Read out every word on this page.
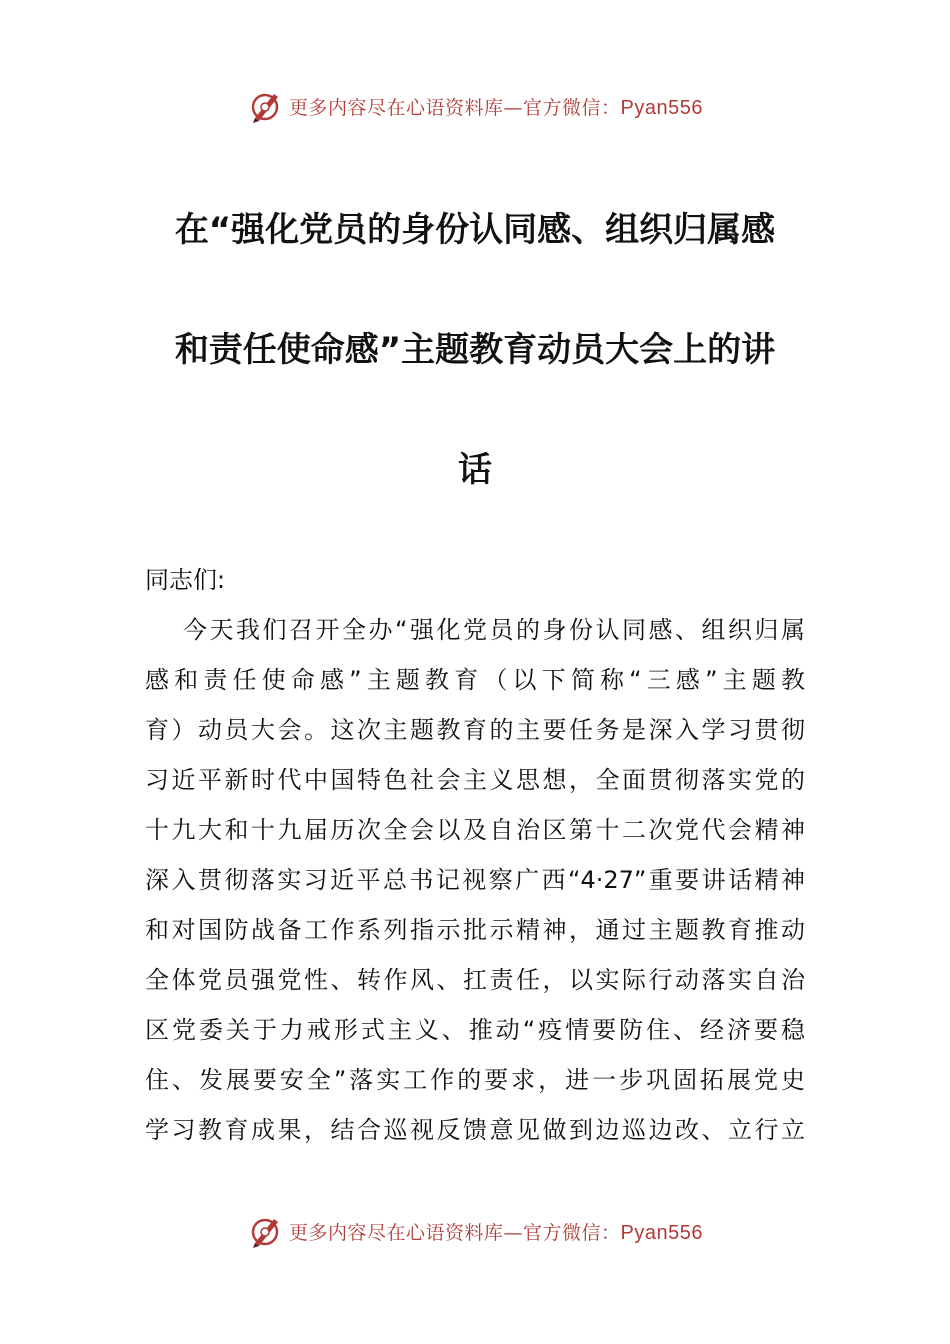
更多内容尽在心语资料库—官方微信：Pyan556
在“强化党员的身份认同感、组织归属感
和责任使命感”主题教育动员大会上的讲
话

同志们:

今天我们召开全办“强化党员的身份认同感、组织归属
感和责任使命感”主题教育（以下简称“三感”主题教
育）动员大会。这次主题教育的主要任务是深入学习贯彻
习近平新时代中国特色社会主义思想，全面贯彻落实党的
十九大和十九届历次全会以及自治区第十二次党代会精神
深入贯彻落实习近平总书记视察广西“4·27”重要讲话精神
和对国防战备工作系列指示批示精神，通过主题教育推动
全体党员强党性、转作风、扛责任，以实际行动落实自治
区党委关于力戒形式主义、推动“疫情要防住、经济要稳
住、发展要安全”落实工作的要求，进一步巩固拓展党史
学习教育成果，结合巡视反馈意见做到边巡边改、立行立
更多内容尽在心语资料库—官方微信：Pyan556
